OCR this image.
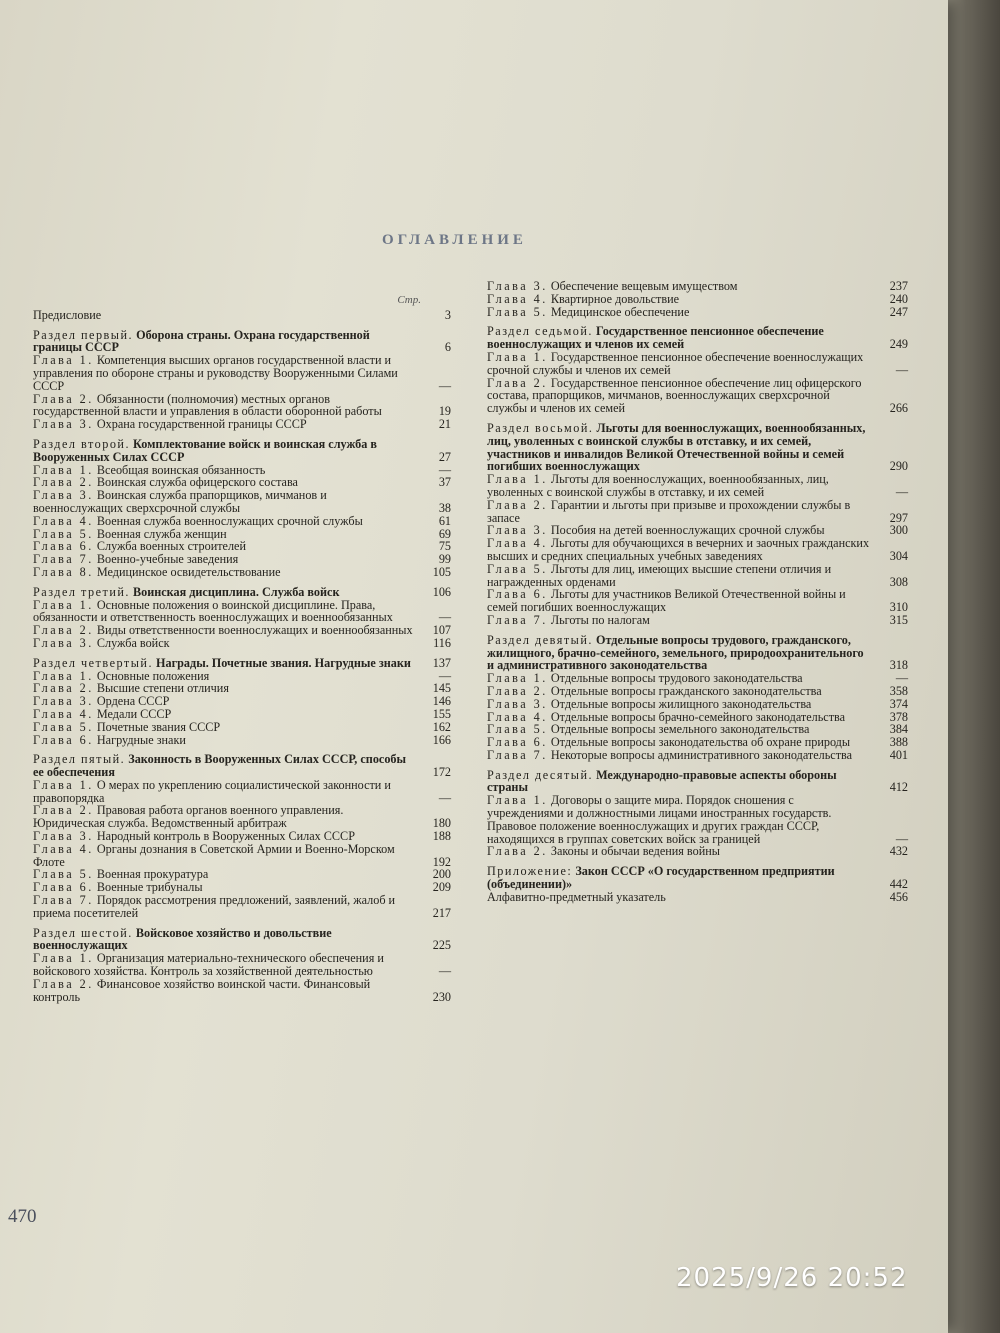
ОГЛАВЛЕНИЕ
Стр.
Предисловие	3
Раздел первый. Оборона страны. Охрана государственной границы СССР	6
Глава 1. Компетенция высших органов государственной власти и управления по обороне страны и руководству Вооруженными Силами СССР	—
Глава 2. Обязанности (полномочия) местных органов государственной власти и управления в области оборонной работы	19
Глава 3. Охрана государственной границы СССР	21
Раздел второй. Комплектование войск и воинская служба в Вооруженных Силах СССР	27
Глава 1. Всеобщая воинская обязанность	—
Глава 2. Воинская служба офицерского состава	37
Глава 3. Воинская служба прапорщиков, мичманов и военнослужащих сверхсрочной службы	38
Глава 4. Военная служба военнослужащих срочной службы	61
Глава 5. Военная служба женщин	69
Глава 6. Служба военных строителей	75
Глава 7. Военно-учебные заведения	99
Глава 8. Медицинское освидетельствование	105
Раздел третий. Воинская дисциплина. Служба войск	106
Глава 1. Основные положения о воинской дисциплине. Права, обязанности и ответственность военнослужащих и военнообязанных	—
Глава 2. Виды ответственности военнослужащих и военнообязанных	107
Глава 3. Служба войск	116
Раздел четвертый. Награды. Почетные звания. Нагрудные знаки	137
Глава 1. Основные положения	—
Глава 2. Высшие степени отличия	145
Глава 3. Ордена СССР	146
Глава 4. Медали СССР	155
Глава 5. Почетные звания СССР	162
Глава 6. Нагрудные знаки	166
Раздел пятый. Законность в Вооруженных Силах СССР, способы ее обеспечения	172
Глава 1. О мерах по укреплению социалистической законности и правопорядка	—
Глава 2. Правовая работа органов военного управления. Юридическая служба. Ведомственный арбитраж	180
Глава 3. Народный контроль в Вооруженных Силах СССР	188
Глава 4. Органы дознания в Советской Армии и Военно-Морском Флоте	192
Глава 5. Военная прокуратура	200
Глава 6. Военные трибуналы	209
Глава 7. Порядок рассмотрения предложений, заявлений, жалоб и приема посетителей	217
Раздел шестой. Войсковое хозяйство и довольствие военнослужащих	225
Глава 1. Организация материально-технического обеспечения и войскового хозяйства. Контроль за хозяйственной деятельностью	—
Глава 2. Финансовое хозяйство воинской части. Финансовый контроль	230
Глава 3. Обеспечение вещевым имуществом	237
Глава 4. Квартирное довольствие	240
Глава 5. Медицинское обеспечение	247
Раздел седьмой. Государственное пенсионное обеспечение военнослужащих и членов их семей	249
Глава 1. Государственное пенсионное обеспечение военнослужащих срочной службы и членов их семей	—
Глава 2. Государственное пенсионное обеспечение лиц офицерского состава, прапорщиков, мичманов, военнослужащих сверхсрочной службы и членов их семей	266
Раздел восьмой. Льготы для военнослужащих, военнообязанных, лиц, уволенных с воинской службы в отставку, и их семей, участников и инвалидов Великой Отечественной войны и семей погибших военнослужащих	290
Глава 1. Льготы для военнослужащих, военнообязанных, лиц, уволенных с воинской службы в отставку, и их семей	—
Глава 2. Гарантии и льготы при призыве и прохождении службы в запасе	297
Глава 3. Пособия на детей военнослужащих срочной службы	300
Глава 4. Льготы для обучающихся в вечерних и заочных гражданских высших и средних специальных учебных заведениях	304
Глава 5. Льготы для лиц, имеющих высшие степени отличия и награжденных орденами	308
Глава 6. Льготы для участников Великой Отечественной войны и семей погибших военнослужащих	310
Глава 7. Льготы по налогам	315
Раздел девятый. Отдельные вопросы трудового, гражданского, жилищного, брачно-семейного, земельного, природоохранительного и административного законодательства	318
Глава 1. Отдельные вопросы трудового законодательства	—
Глава 2. Отдельные вопросы гражданского законодательства	358
Глава 3. Отдельные вопросы жилищного законодательства	374
Глава 4. Отдельные вопросы брачно-семейного законодательства	378
Глава 5. Отдельные вопросы земельного законодательства	384
Глава 6. Отдельные вопросы законодательства об охране природы	388
Глава 7. Некоторые вопросы административного законодательства	401
Раздел десятый. Международно-правовые аспекты обороны страны	412
Глава 1. Договоры о защите мира. Порядок сношения с учреждениями и должностными лицами иностранных государств. Правовое положение военнослужащих и других граждан СССР, находящихся в группах советских войск за границей	—
Глава 2. Законы и обычаи ведения войны	432
Приложение: Закон СССР «О государственном предприятии (объединении)»	442
Алфавитно-предметный указатель	456
470
2025/9/26 20:52
